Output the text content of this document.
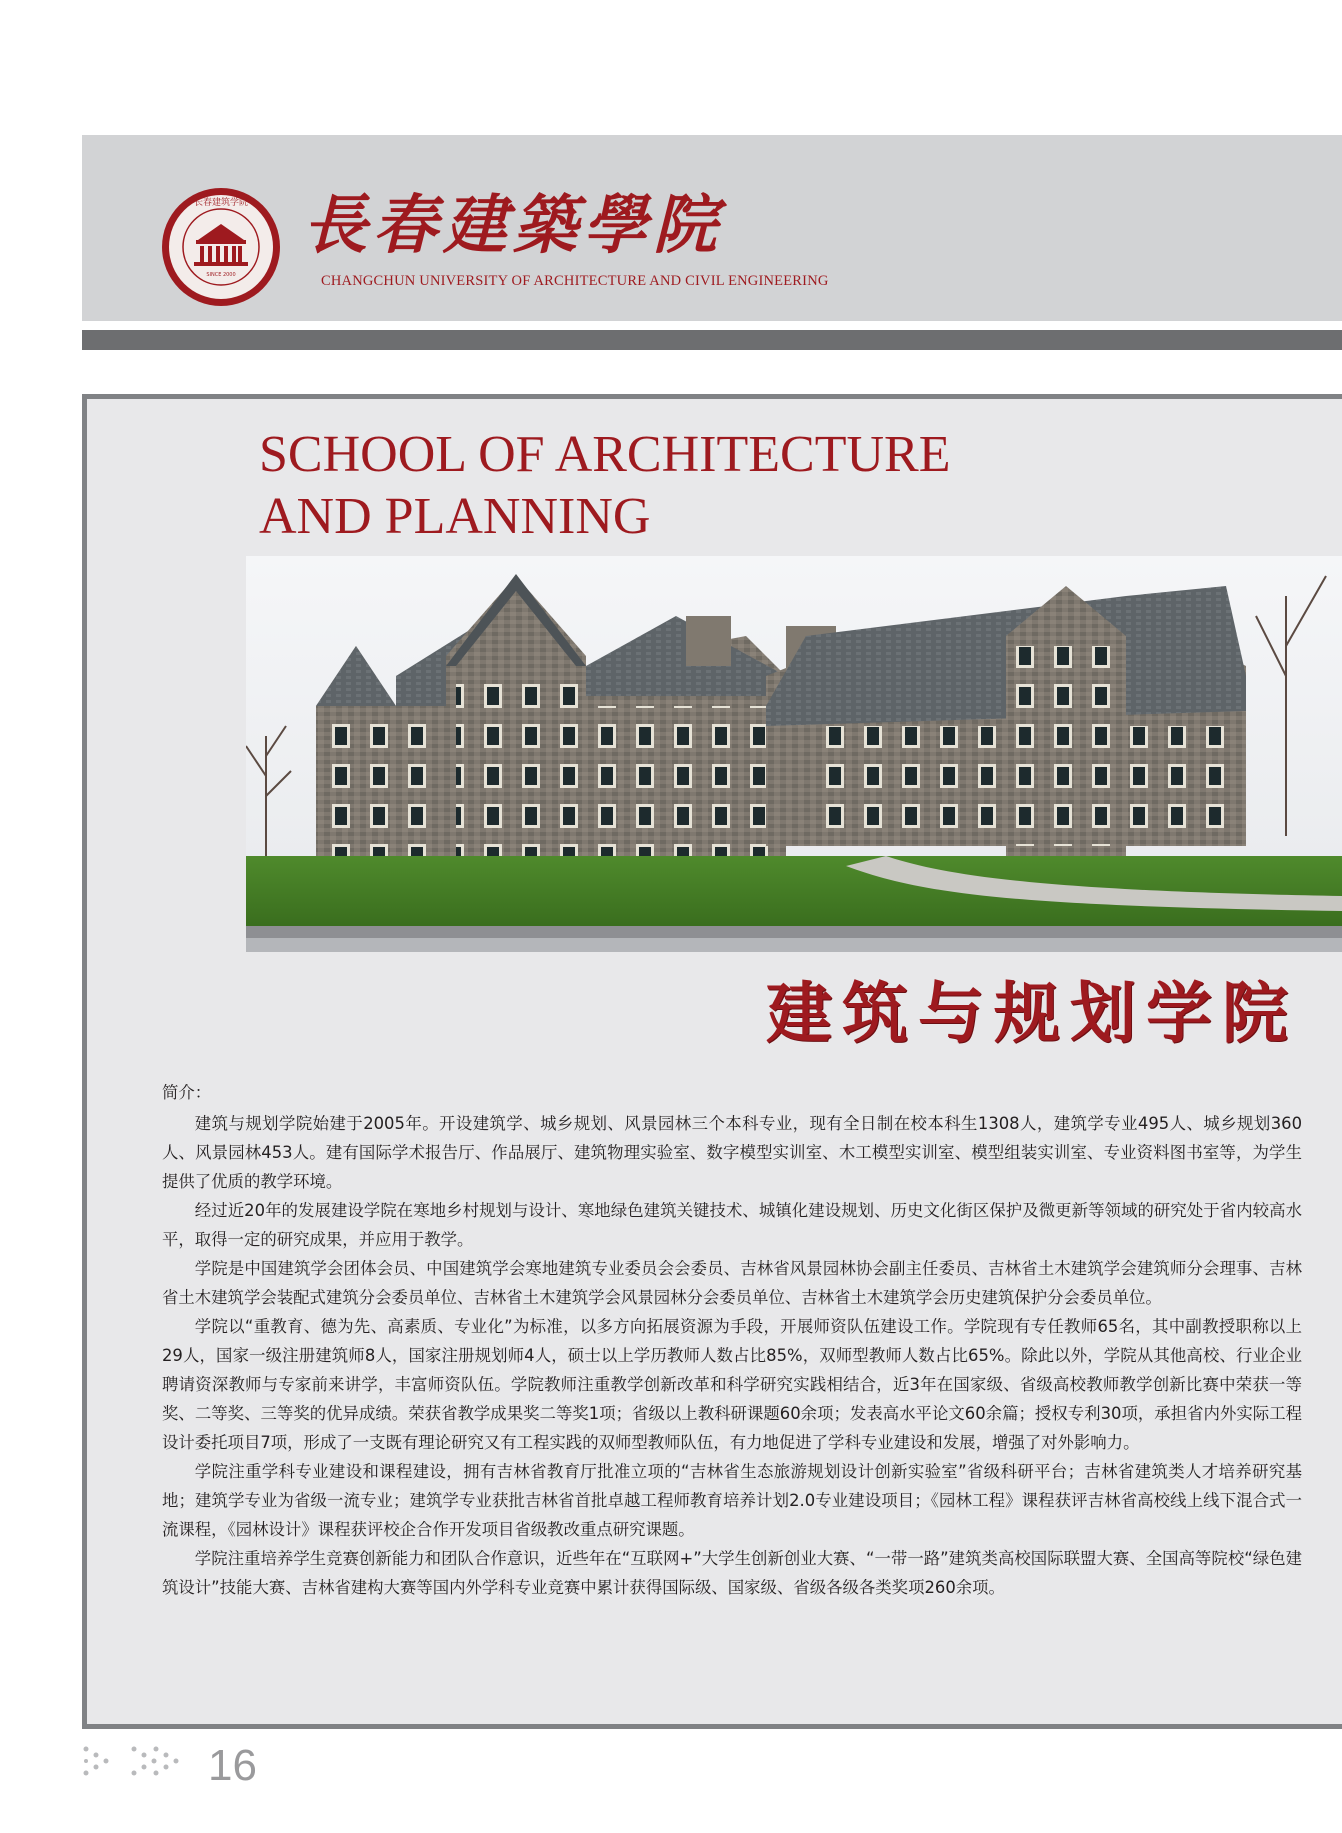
长春建筑学院
SINCE 2000
長春建築學院
CHANGCHUN UNIVERSITY OF ARCHITECTURE AND CIVIL ENGINEERING
SCHOOL OF ARCHITECTURE
AND PLANNING
建筑与规划学院

简介：

建筑与规划学院始建于2005年。开设建筑学、城乡规划、风景园林三个本科专业，现有全日制在校本科生1308人，建筑学专业495人、城乡规划360人、风景园林453人。建有国际学术报告厅、作品展厅、建筑物理实验室、数字模型实训室、木工模型实训室、模型组装实训室、专业资料图书室等，为学生提供了优质的教学环境。

经过近20年的发展建设学院在寒地乡村规划与设计、寒地绿色建筑关键技术、城镇化建设规划、历史文化街区保护及微更新等领域的研究处于省内较高水平，取得一定的研究成果，并应用于教学。

学院是中国建筑学会团体会员、中国建筑学会寒地建筑专业委员会会委员、吉林省风景园林协会副主任委员、吉林省土木建筑学会建筑师分会理事、吉林省土木建筑学会装配式建筑分会委员单位、吉林省土木建筑学会风景园林分会委员单位、吉林省土木建筑学会历史建筑保护分会委员单位。

学院以“重教育、德为先、高素质、专业化”为标准，以多方向拓展资源为手段，开展师资队伍建设工作。学院现有专任教师65名，其中副教授职称以上29人，国家一级注册建筑师8人，国家注册规划师4人，硕士以上学历教师人数占比85%，双师型教师人数占比65%。除此以外，学院从其他高校、行业企业聘请资深教师与专家前来讲学，丰富师资队伍。学院教师注重教学创新改革和科学研究实践相结合，近3年在国家级、省级高校教师教学创新比赛中荣获一等奖、二等奖、三等奖的优异成绩。荣获省教学成果奖二等奖1项；省级以上教科研课题60余项；发表高水平论文60余篇；授权专利30项，承担省内外实际工程设计委托项目7项，形成了一支既有理论研究又有工程实践的双师型教师队伍，有力地促进了学科专业建设和发展，增强了对外影响力。

学院注重学科专业建设和课程建设，拥有吉林省教育厅批准立项的“吉林省生态旅游规划设计创新实验室”省级科研平台；吉林省建筑类人才培养研究基地；建筑学专业为省级一流专业；建筑学专业获批吉林省首批卓越工程师教育培养计划2.0专业建设项目；《园林工程》课程获评吉林省高校线上线下混合式一流课程，《园林设计》课程获评校企合作开发项目省级教改重点研究课题。

学院注重培养学生竞赛创新能力和团队合作意识，近些年在“互联网+”大学生创新创业大赛、“一带一路”建筑类高校国际联盟大赛、全国高等院校“绿色建筑设计”技能大赛、吉林省建构大赛等国内外学科专业竞赛中累计获得国际级、国家级、省级各级各类奖项260余项。

16
